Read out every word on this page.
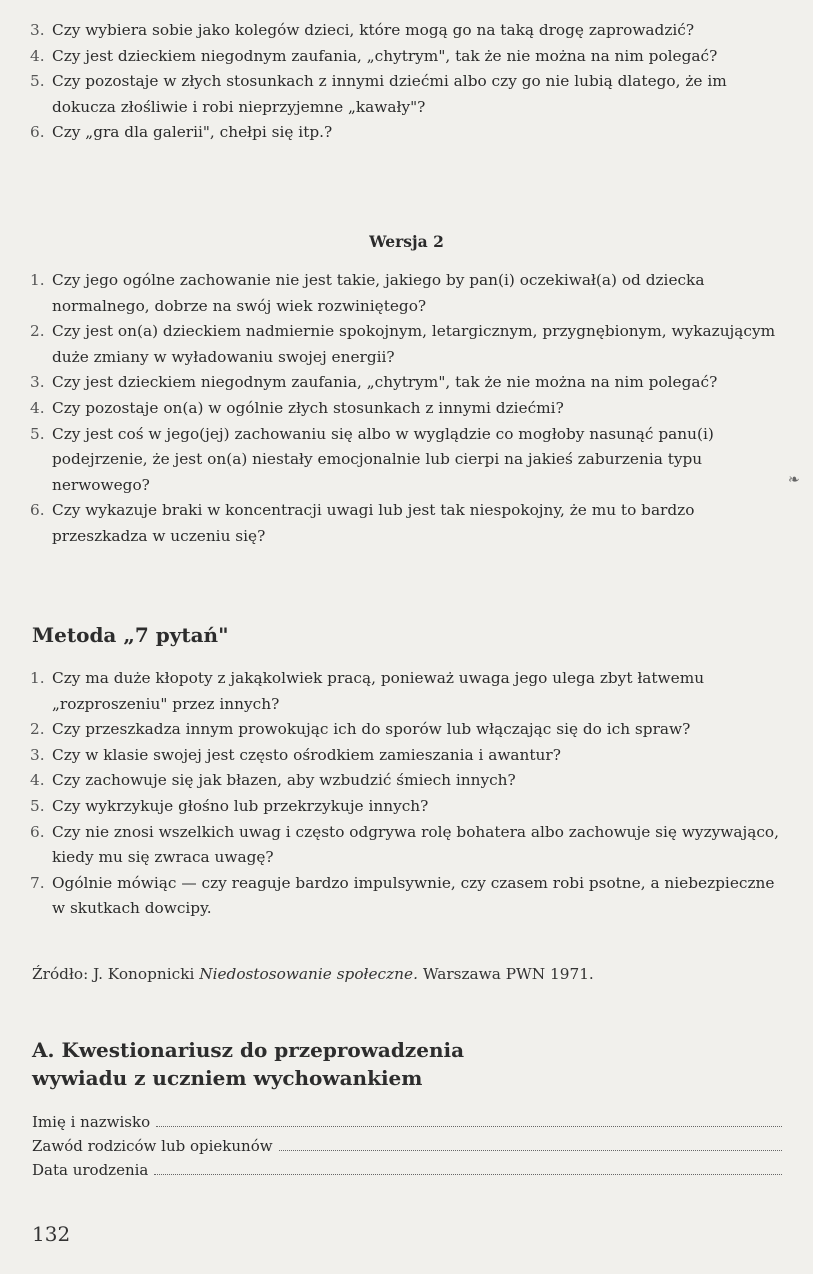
3. Czy wybiera sobie jako kolegów dzieci, które mogą go na taką drogę zaprowadzić?
4. Czy jest dzieckiem niegodnym zaufania, „chytrym", tak że nie można na nim polegać?
5. Czy pozostaje w złych stosunkach z innymi dziećmi albo czy go nie lubią dlatego, że im dokucza złośliwie i robi nieprzyjemne „kawały"?
6. Czy „gra dla galerii", chełpi się itp.?
Wersja 2
1. Czy jego ogólne zachowanie nie jest takie, jakiego by pan(i) oczekiwał(a) od dziecka normalnego, dobrze na swój wiek rozwiniętego?
2. Czy jest on(a) dzieckiem nadmiernie spokojnym, letargicznym, przygnębionym, wykazującym duże zmiany w wyładowaniu swojej energii?
3. Czy jest dzieckiem niegodnym zaufania, „chytrym", tak że nie można na nim polegać?
4. Czy pozostaje on(a) w ogólnie złych stosunkach z innymi dziećmi?
5. Czy jest coś w jego(jej) zachowaniu się albo w wyglądzie co mogłoby nasunąć panu(i) podejrzenie, że jest on(a) niestały emocjonalnie lub cierpi na jakieś zaburzenia typu nerwowego?
6. Czy wykazuje braki w koncentracji uwagi lub jest tak niespokojny, że mu to bardzo przeszkadza w uczeniu się?
❧
Metoda „7 pytań"
1. Czy ma duże kłopoty z jakąkolwiek pracą, ponieważ uwaga jego ulega zbyt łatwemu „rozproszeniu" przez innych?
2. Czy przeszkadza innym prowokując ich do sporów lub włączając się do ich spraw?
3. Czy w klasie swojej jest często ośrodkiem zamieszania i awantur?
4. Czy zachowuje się jak błazen, aby wzbudzić śmiech innych?
5. Czy wykrzykuje głośno lub przekrzykuje innych?
6. Czy nie znosi wszelkich uwag i często odgrywa rolę bohatera albo zachowuje się wyzywająco, kiedy mu się zwraca uwagę?
7. Ogólnie mówiąc — czy reaguje bardzo impulsywnie, czy czasem robi psotne, a niebezpieczne w skutkach dowcipy.
Źródło: J. Konopnicki Niedostosowanie społeczne. Warszawa PWN 1971.
A. Kwestionariusz do przeprowadzenia
wywiadu z uczniem wychowankiem
Imię i nazwisko
Zawód rodziców lub opiekunów
Data urodzenia
132
